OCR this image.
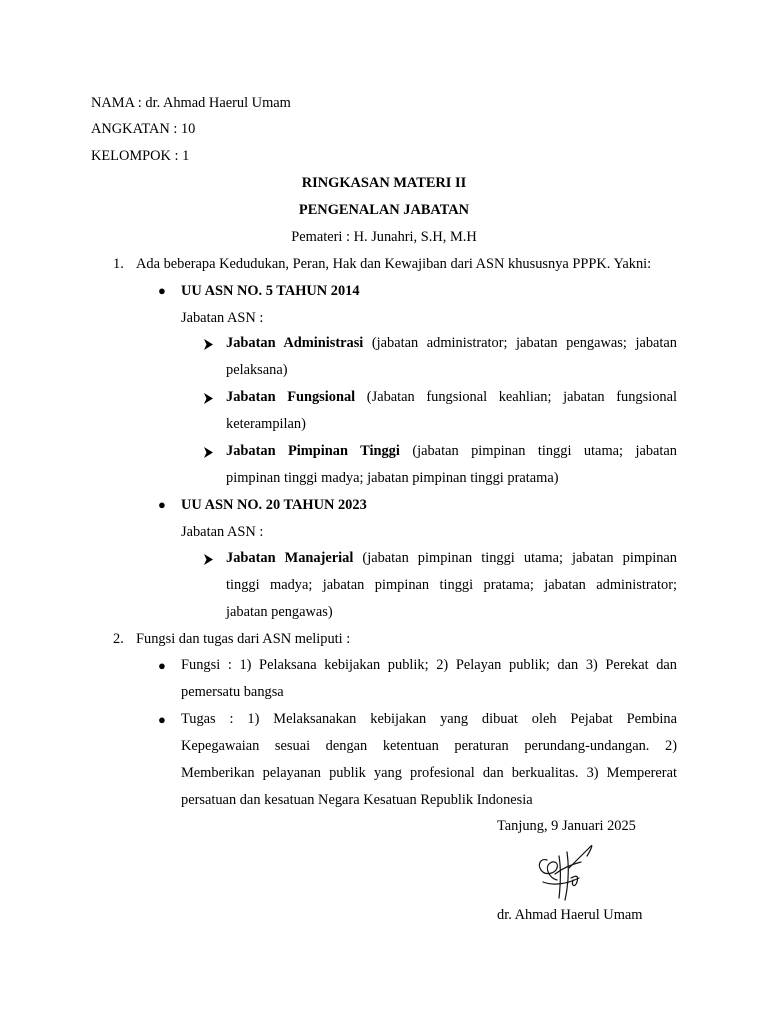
NAMA : dr. Ahmad Haerul Umam
ANGKATAN : 10
KELOMPOK : 1
RINGKASAN MATERI II
PENGENALAN JABATAN
Pemateri : H. Junahri, S.H, M.H
1. Ada beberapa Kedudukan, Peran, Hak dan Kewajiban dari ASN khususnya PPPK. Yakni:
● UU ASN NO. 5 TAHUN 2014
Jabatan ASN :
Jabatan Administrasi (jabatan administrator; jabatan pengawas; jabatan
pelaksana)
Jabatan Fungsional (Jabatan fungsional keahlian; jabatan fungsional
keterampilan)
Jabatan Pimpinan Tinggi (jabatan pimpinan tinggi utama; jabatan
pimpinan tinggi madya; jabatan pimpinan tinggi pratama)
● UU ASN NO. 20 TAHUN 2023
Jabatan ASN :
Jabatan Manajerial (jabatan pimpinan tinggi utama; jabatan pimpinan
tinggi madya; jabatan pimpinan tinggi pratama; jabatan administrator;
jabatan pengawas)
2. Fungsi dan tugas dari ASN meliputi :
● Fungsi : 1) Pelaksana kebijakan publik; 2) Pelayan publik; dan 3) Perekat dan
pemersatu bangsa
● Tugas : 1) Melaksanakan kebijakan yang dibuat oleh Pejabat Pembina
Kepegawaian sesuai dengan ketentuan peraturan perundang-undangan. 2)
Memberikan pelayanan publik yang profesional dan berkualitas. 3) Mempererat
persatuan dan kesatuan Negara Kesatuan Republik Indonesia
Tanjung, 9 Januari 2025
dr. Ahmad Haerul Umam
